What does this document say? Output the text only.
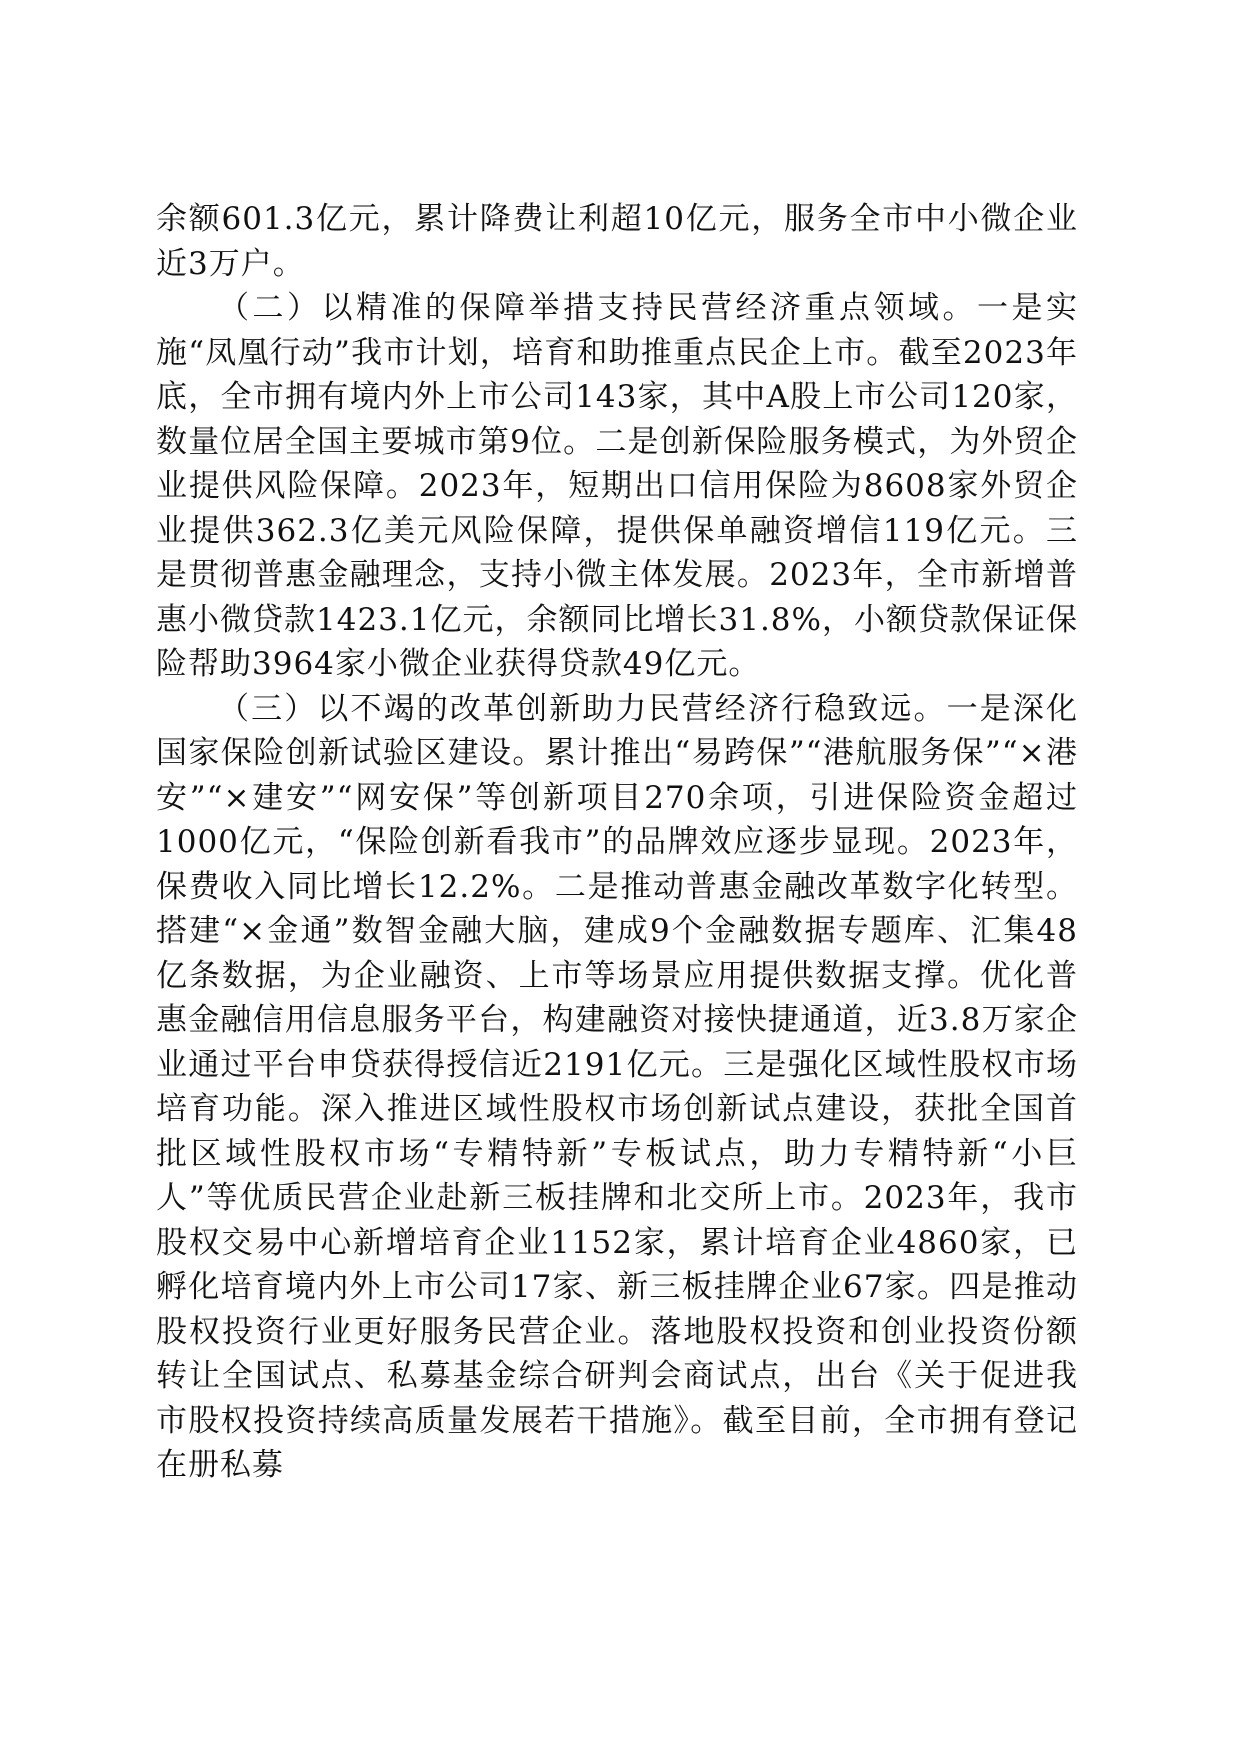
余额601.3亿元，累计降费让利超10亿元，服务全市中小微企业近3万户。

（二）以精准的保障举措支持民营经济重点领域。一是实施“凤凰行动”我市计划，培育和助推重点民企上市。截至2023年底，全市拥有境内外上市公司143家，其中A股上市公司120家，数量位居全国主要城市第9位。二是创新保险服务模式，为外贸企业提供风险保障。2023年，短期出口信用保险为8608家外贸企业提供362.3亿美元风险保障，提供保单融资增信119亿元。三是贯彻普惠金融理念，支持小微主体发展。2023年，全市新增普惠小微贷款1423.1亿元，余额同比增长31.8%，小额贷款保证保险帮助3964家小微企业获得贷款49亿元。

（三）以不竭的改革创新助力民营经济行稳致远。一是深化国家保险创新试验区建设。累计推出“易跨保”“港航服务保”“×港安”“×建安”“网安保”等创新项目270余项，引进保险资金超过1000亿元，“保险创新看我市”的品牌效应逐步显现。2023年，保费收入同比增长12.2%。二是推动普惠金融改革数字化转型。搭建“×金通”数智金融大脑，建成9个金融数据专题库、汇集48亿条数据，为企业融资、上市等场景应用提供数据支撑。优化普惠金融信用信息服务平台，构建融资对接快捷通道，近3.8万家企业通过平台申贷获得授信近2191亿元。三是强化区域性股权市场培育功能。深入推进区域性股权市场创新试点建设，获批全国首批区域性股权市场“专精特新”专板试点，助力专精特新“小巨人”等优质民营企业赴新三板挂牌和北交所上市。2023年，我市股权交易中心新增培育企业1152家，累计培育企业4860家，已孵化培育境内外上市公司17家、新三板挂牌企业67家。四是推动股权投资行业更好服务民营企业。落地股权投资和创业投资份额转让全国试点、私募基金综合研判会商试点，出台《关于促进我市股权投资持续高质量发展若干措施》。截至目前，全市拥有登记在册私募
